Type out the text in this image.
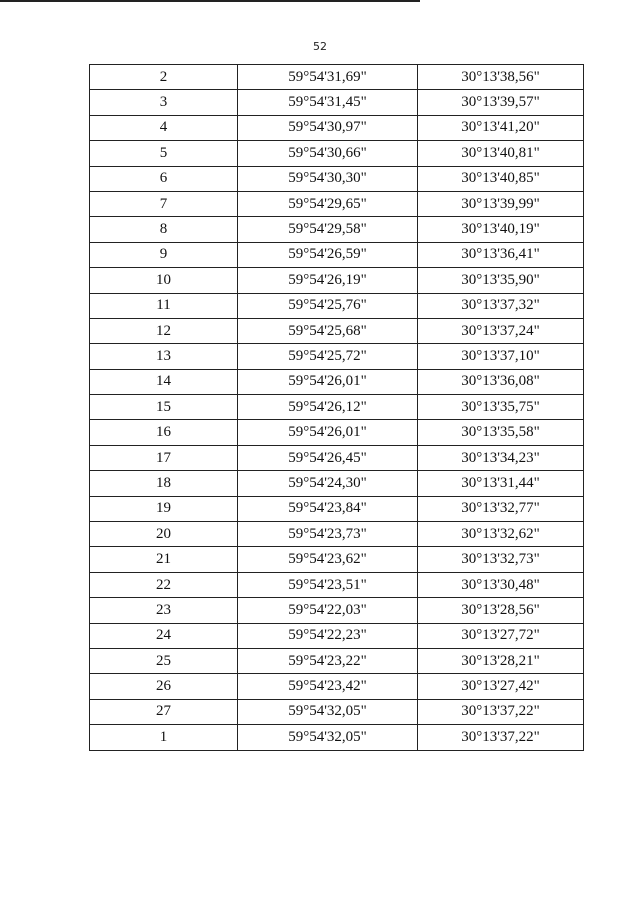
52
2	59°54'31,69"	30°13'38,56"
3	59°54'31,45"	30°13'39,57"
4	59°54'30,97"	30°13'41,20"
5	59°54'30,66"	30°13'40,81"
6	59°54'30,30"	30°13'40,85"
7	59°54'29,65"	30°13'39,99"
8	59°54'29,58"	30°13'40,19"
9	59°54'26,59"	30°13'36,41"
10	59°54'26,19"	30°13'35,90"
11	59°54'25,76"	30°13'37,32"
12	59°54'25,68"	30°13'37,24"
13	59°54'25,72"	30°13'37,10"
14	59°54'26,01"	30°13'36,08"
15	59°54'26,12"	30°13'35,75"
16	59°54'26,01"	30°13'35,58"
17	59°54'26,45"	30°13'34,23"
18	59°54'24,30"	30°13'31,44"
19	59°54'23,84"	30°13'32,77"
20	59°54'23,73"	30°13'32,62"
21	59°54'23,62"	30°13'32,73"
22	59°54'23,51"	30°13'30,48"
23	59°54'22,03"	30°13'28,56"
24	59°54'22,23"	30°13'27,72"
25	59°54'23,22"	30°13'28,21"
26	59°54'23,42"	30°13'27,42"
27	59°54'32,05"	30°13'37,22"
1	59°54'32,05"	30°13'37,22"
